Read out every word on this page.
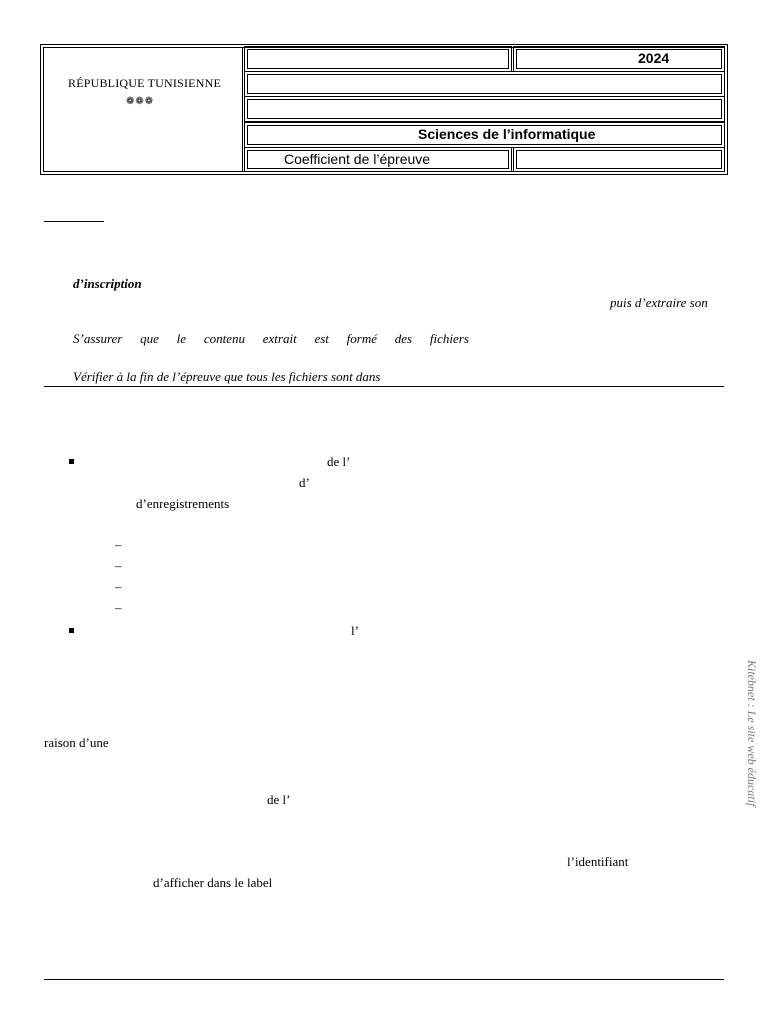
RÉPUBLIQUE TUNISIENNE
❁❁❁
2024
Sciences de l’informatique
Coefficient de l’épreuve
d’inscription
puis d’extraire son
S’assurer que le contenu extrait est formé des fichiers
Vérifier à la fin de l’épreuve que tous les fichiers sont dans
de l’
d’
d’enregistrements
–
–
–
–
l’
raison d’une
de l’
l’identifiant
d’afficher dans le label
Kitebnet : Le site web éducatif
